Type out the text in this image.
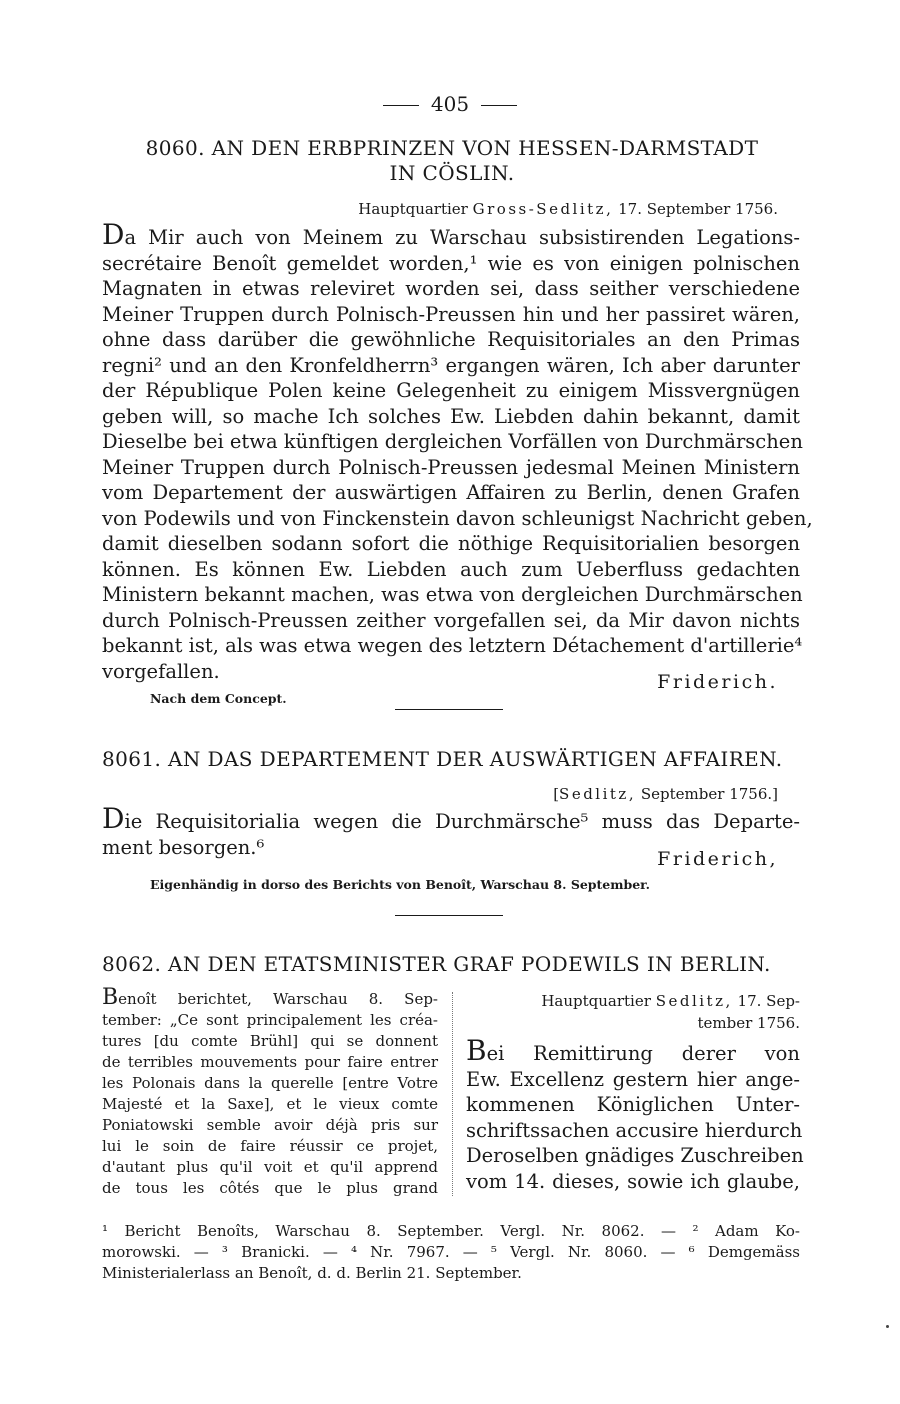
405
8060. AN DEN ERBPRINZEN VON HESSEN-DARMSTADT
IN CÖSLIN.
Hauptquartier Gross-Sedlitz, 17. September 1756.
Da Mir auch von Meinem zu Warschau subsistirenden Legations-
secrétaire Benoît gemeldet worden,¹ wie es von einigen polnischen
Magnaten in etwas releviret worden sei, dass seither verschiedene
Meiner Truppen durch Polnisch-Preussen hin und her passiret wären,
ohne dass darüber die gewöhnliche Requisitoriales an den Primas
regni² und an den Kronfeldherrn³ ergangen wären, Ich aber darunter
der République Polen keine Gelegenheit zu einigem Missvergnügen
geben will, so mache Ich solches Ew. Liebden dahin bekannt, damit
Dieselbe bei etwa künftigen dergleichen Vorfällen von Durchmärschen
Meiner Truppen durch Polnisch-Preussen jedesmal Meinen Ministern
vom Departement der auswärtigen Affairen zu Berlin, denen Grafen
von Podewils und von Finckenstein davon schleunigst Nachricht geben,
damit dieselben sodann sofort die nöthige Requisitorialien besorgen
können. Es können Ew. Liebden auch zum Ueberfluss gedachten
Ministern bekannt machen, was etwa von dergleichen Durchmärschen
durch Polnisch-Preussen zeither vorgefallen sei, da Mir davon nichts
bekannt ist, als was etwa wegen des letztern Détachement d'artillerie⁴
vorgefallen.	Friderich.
Nach dem Concept.
8061. AN DAS DEPARTEMENT DER AUSWÄRTIGEN AFFAIREN.
[Sedlitz, September 1756.]
Die Requisitorialia wegen die Durchmärsche⁵ muss das Departe-
ment besorgen.⁶
Friderich,
Eigenhändig in dorso des Berichts von Benoît, Warschau 8. September.
8062. AN DEN ETATSMINISTER GRAF PODEWILS IN BERLIN.
Benoît berichtet, Warschau 8. Sep-
tember: „Ce sont principalement les créa-
tures [du comte Brühl] qui se donnent
de terribles mouvements pour faire entrer
les Polonais dans la querelle [entre Votre
Majesté et la Saxe], et le vieux comte
Poniatowski semble avoir déjà pris sur
lui le soin de faire réussir ce projet,
d'autant plus qu'il voit et qu'il apprend
de tous les côtés que le plus grand
Hauptquartier Sedlitz, 17. Sep-
tember 1756.
Bei Remittirung derer von
Ew. Excellenz gestern hier ange-
kommenen Königlichen Unter-
schriftssachen accusire hierdurch
Deroselben gnädiges Zuschreiben
vom 14. dieses, sowie ich glaube,
¹ Bericht Benoîts, Warschau 8. September. Vergl. Nr. 8062. — ² Adam Ko-
morowski. — ³ Branicki. — ⁴ Nr. 7967. — ⁵ Vergl. Nr. 8060. — ⁶ Demgemäss
Ministerialerlass an Benoît, d. d. Berlin 21. September.
